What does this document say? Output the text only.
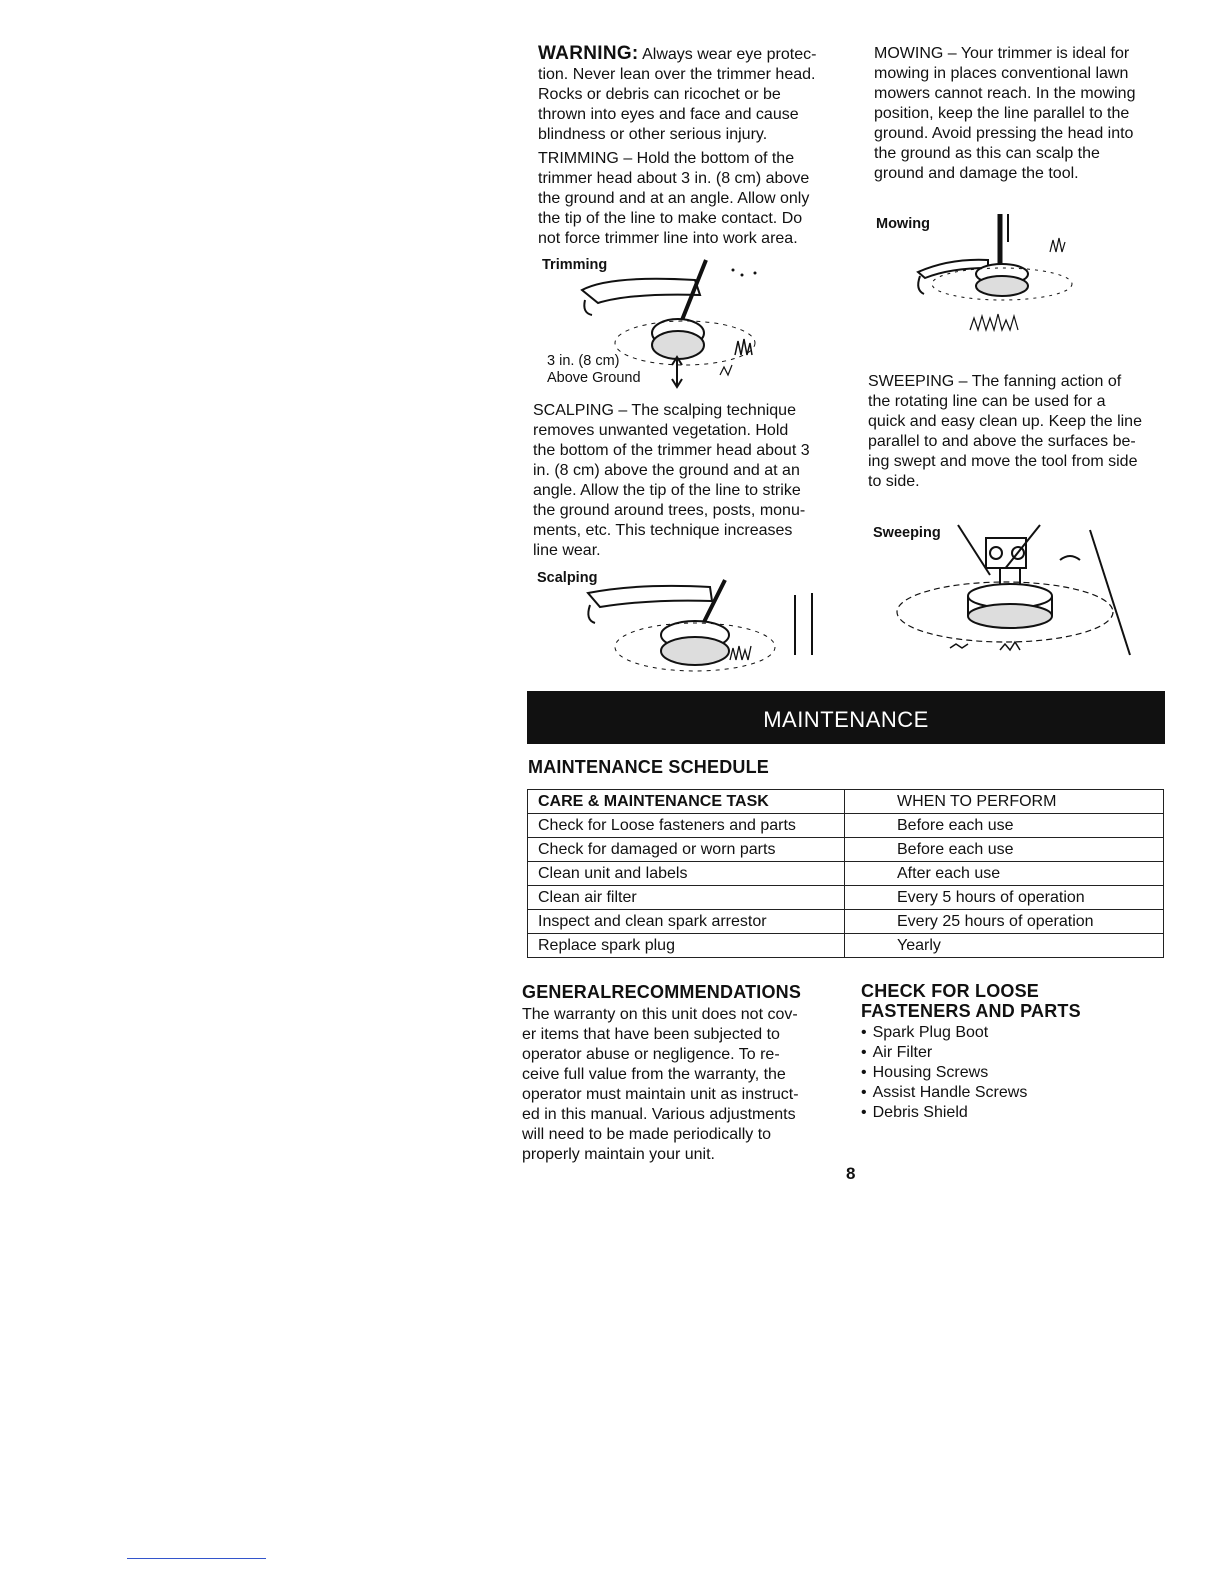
WARNING: Always wear eye protec-

tion. Never lean over the trimmer head.

Rocks or debris can ricochet or be

thrown into eyes and face and cause

blindness or other serious injury.

TRIMMING – Hold the bottom of the

trimmer head about 3 in. (8 cm) above

the ground and at an angle. Allow only

the tip of the line to make contact. Do

not force trimmer line into work area.

Trimming
3 in. (8 cm)
Above Ground

SCALPING – The scalping technique

removes unwanted vegetation. Hold

the bottom of the trimmer head about 3

in. (8 cm) above the ground and at an

angle. Allow the tip of the line to strike

the ground around trees, posts, monu-

ments, etc. This technique increases

line wear.

Scalping

MOWING – Your trimmer is ideal for

mowing in places conventional lawn

mowers cannot reach. In the mowing

position, keep the line parallel to the

ground. Avoid pressing the head into

the ground as this can scalp the

ground and damage the tool.

Mowing

SWEEPING – The fanning action of

the rotating line can be used for a

quick and easy clean up. Keep the line

parallel to and above the surfaces be-

ing swept and move the tool from side

to side.

Sweeping
MAINTENANCE
MAINTENANCE SCHEDULE
CARE & MAINTENANCE TASK	WHEN TO PERFORM
Check for Loose fasteners and parts	Before each use
Check for damaged or worn parts	Before each use
Clean unit and labels	After each use
Clean air filter	Every 5 hours of operation
Inspect and clean spark arrestor	Every 25 hours of operation
Replace spark plug	Yearly
GENERALRECOMMENDATIONS

The warranty on this unit does not cov-

er items that have been subjected to

operator abuse or negligence. To re-

ceive full value from the warranty, the

operator must maintain unit as instruct-

ed in this manual. Various adjustments

will need to be made periodically to

properly maintain your unit.

CHECK FOR LOOSE
FASTENERS AND PARTS
• Spark Plug Boot
• Air Filter
• Housing Screws
• Assist Handle Screws
• Debris Shield
8
